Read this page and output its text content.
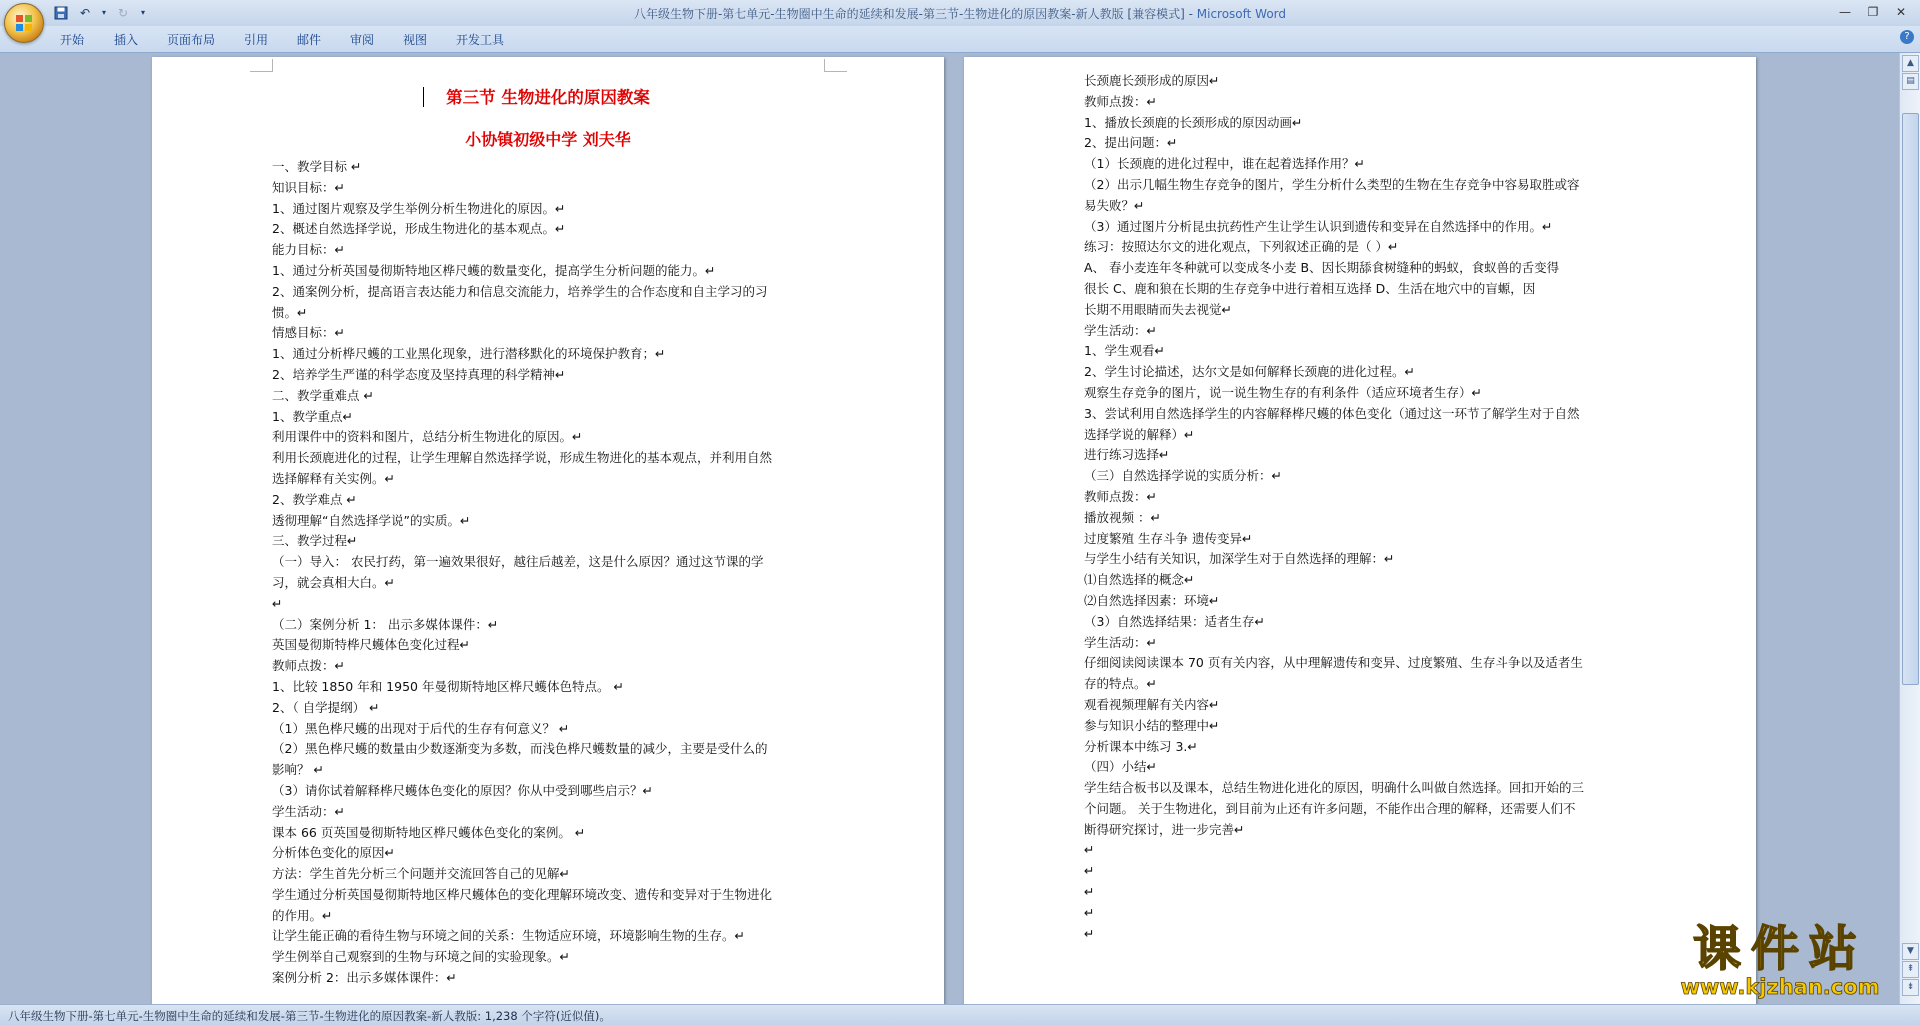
↶	▾ ↻	▾	八年级生物下册-第七单元-生物圈中生命的延续和发展-第三节-生物进化的原因教案-新人教版 [兼容模式] - Microsoft Word	—	❐	✕
开始 插入 页面布局 引用 邮件 审阅 视图 开发工具	?
第三节 生物进化的原因教案
小协镇初级中学 刘夫华
一、教学目标 ↵
知识目标：↵
1、通过图片观察及学生举例分析生物进化的原因。↵
2、概述自然选择学说，形成生物进化的基本观点。↵
能力目标：↵
1、通过分析英国曼彻斯特地区桦尺蠖的数量变化，提高学生分析问题的能力。↵
2、通案例分析，提高语言表达能力和信息交流能力，培养学生的合作态度和自主学习的习
惯。↵
情感目标：↵
1、通过分析桦尺蠖的工业黑化现象，进行潜移默化的环境保护教育；↵
2、培养学生严谨的科学态度及坚持真理的科学精神↵
二、教学重难点 ↵
1、教学重点↵
利用课件中的资料和图片，总结分析生物进化的原因。↵
利用长颈鹿进化的过程，让学生理解自然选择学说，形成生物进化的基本观点，并利用自然
选择解释有关实例。↵
2、教学难点 ↵
透彻理解“自然选择学说”的实质。↵
三、教学过程↵
（一）导入： 农民打药，第一遍效果很好，越往后越差，这是什么原因？通过这节课的学
习，就会真相大白。↵
↵
（二）案例分析 1： 出示多媒体课件：↵
英国曼彻斯特桦尺蠖体色变化过程↵
教师点拨：↵
1、比较 1850 年和 1950 年曼彻斯特地区桦尺蠖体色特点。 ↵
2、（ 自学提纲） ↵
（1）黑色桦尺蠖的出现对于后代的生存有何意义？ ↵
（2）黑色桦尺蠖的数量由少数逐渐变为多数，而浅色桦尺蠖数量的减少，主要是受什么的
影响？ ↵
（3）请你试着解释桦尺蠖体色变化的原因？你从中受到哪些启示？↵
学生活动：↵
课本 66 页英国曼彻斯特地区桦尺蠖体色变化的案例。 ↵
分析体色变化的原因↵
方法：学生首先分析三个问题并交流回答自己的见解↵
学生通过分析英国曼彻斯特地区桦尺蠖体色的变化理解环境改变、遗传和变异对于生物进化
的作用。↵
让学生能正确的看待生物与环境之间的关系：生物适应环境，环境影响生物的生存。↵
学生例举自己观察到的生物与环境之间的实验现象。↵
案例分析 2：出示多媒体课件：↵
长颈鹿长颈形成的原因↵
教师点拨：↵
1、播放长颈鹿的长颈形成的原因动画↵
2、提出问题：↵
（1）长颈鹿的进化过程中，谁在起着选择作用？↵
（2）出示几幅生物生存竞争的图片，学生分析什么类型的生物在生存竞争中容易取胜或容
易失败？↵
（3）通过图片分析昆虫抗药性产生让学生认识到遗传和变异在自然选择中的作用。↵
练习：按照达尔文的进化观点，下列叙述正确的是（ ）↵
A、 春小麦连年冬种就可以变成冬小麦 B、因长期舔食树缝种的蚂蚁，食蚁兽的舌变得
很长 C、鹿和狼在长期的生存竞争中进行着相互选择 D、生活在地穴中的盲螈，因
长期不用眼睛而失去视觉↵
学生活动：↵
1、学生观看↵
2、学生讨论描述，达尔文是如何解释长颈鹿的进化过程。↵
观察生存竞争的图片，说一说生物生存的有利条件（适应环境者生存）↵
3、尝试利用自然选择学生的内容解释桦尺蠖的体色变化（通过这一环节了解学生对于自然
选择学说的解释）↵
进行练习选择↵
（三）自然选择学说的实质分析：↵
教师点拨：↵
播放视频 ：↵
过度繁殖 生存斗争 遗传变异↵
与学生小结有关知识，加深学生对于自然选择的理解：↵
⑴自然选择的概念↵
⑵自然选择因素：环境↵
（3）自然选择结果：适者生存↵
学生活动：↵
仔细阅读阅读课本 70 页有关内容，从中理解遗传和变异、过度繁殖、生存斗争以及适者生
存的特点。↵
观看视频理解有关内容↵
参与知识小结的整理中↵
分析课本中练习 3.↵
（四）小结↵
学生结合板书以及课本，总结生物进化进化的原因，明确什么叫做自然选择。回扣开始的三
个问题。 关于生物进化，到目前为止还有许多问题，不能作出合理的解释，还需要人们不
断得研究探讨，进一步完善↵
↵
↵
↵
↵
↵
▲
▤
▼
⇞
⇟
课件站
www.kjzhan.com
八年级生物下册-第七单元-生物圈中生命的延续和发展-第三节-生物进化的原因教案-新人教版: 1,238 个字符(近似值)。
